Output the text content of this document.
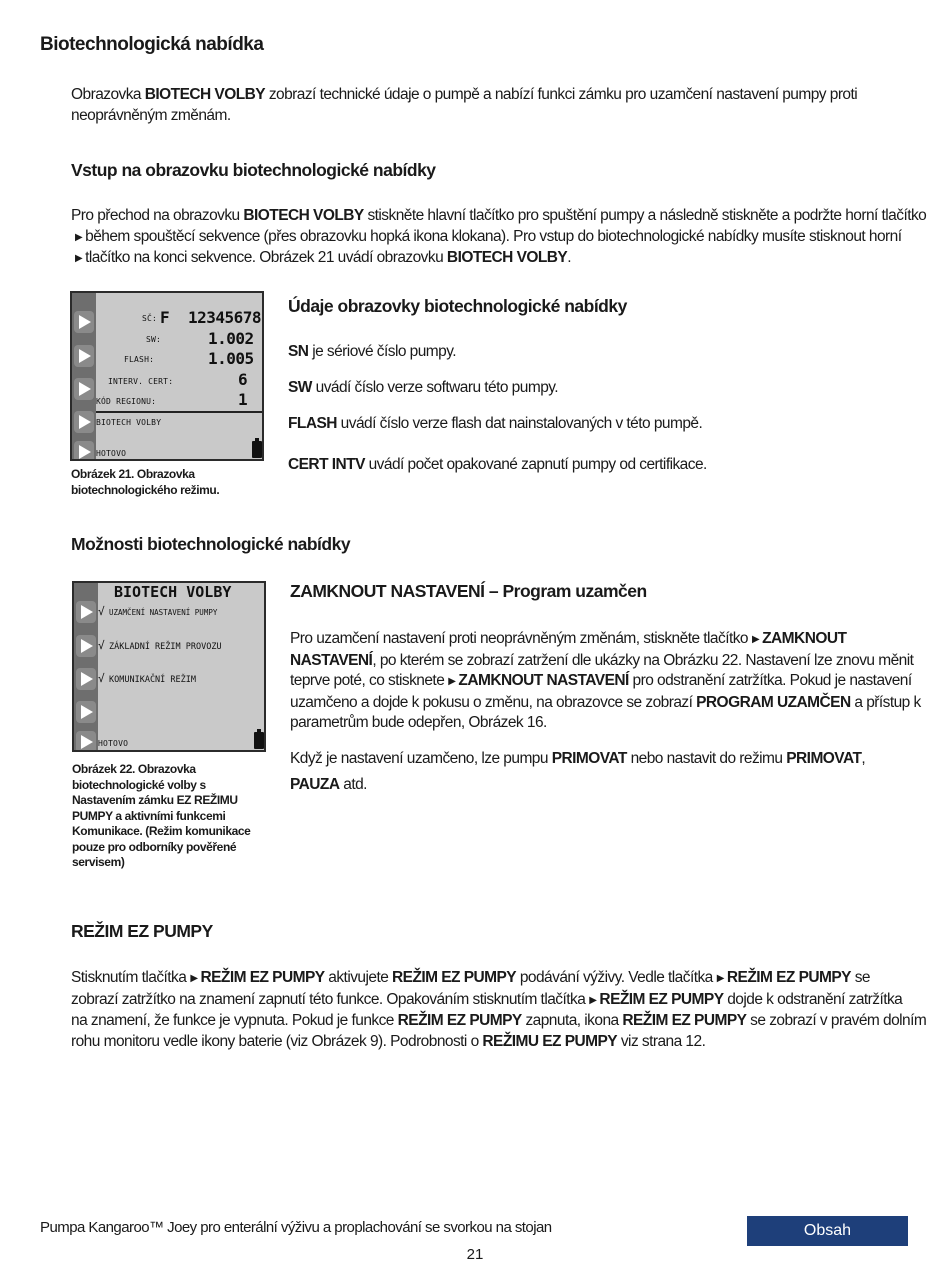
Biotechnologická nabídka
Obrazovka BIOTECH VOLBY zobrazí technické údaje o pumpě a nabízí funkci zámku pro uzamčení nastavení pumpy proti neoprávněným změnám.
Vstup na obrazovku biotechnologické nabídky
Pro přechod na obrazovku BIOTECH VOLBY stiskněte hlavní tlačítko pro spuštění pumpy a následně stiskněte a podržte horní tlačítko
▶ během spouštěcí sekvence (přes obrazovku hopká ikona klokana). Pro vstup do biotechnologické nabídky musíte stisknout horní
▶ tlačítko na konci sekvence. Obrázek 21 uvádí obrazovku BIOTECH VOLBY.
SČ: F 12345678
SW:	1.002
FLASH:	1.005
INTERV. CERT:	6
KÓD REGIONU:	1
BIOTECH VOLBY
HOTOVO
Obrázek 21. Obrazovka
biotechnologického režimu.
Údaje obrazovky biotechnologické nabídky
SN je sériové číslo pumpy.
SW uvádí číslo verze softwaru této pumpy.
FLASH uvádí číslo verze flash dat nainstalovaných v této pumpě.
CERT INTV uvádí počet opakované zapnutí pumpy od certifikace.
Možnosti biotechnologické nabídky
BIOTECH VOLBY
√ UZAMČENÍ NASTAVENÍ PUMPY
√ ZÁKLADNÍ REŽIM PROVOZU
√ KOMUNIKAČNÍ REŽIM
HOTOVO
Obrázek 22. Obrazovka
biotechnologické volby s
Nastavením zámku EZ REŽIMU
PUMPY a aktivními funkcemi
Komunikace. (Režim komunikace
pouze pro odborníky pověřené
servisem)
ZAMKNOUT NASTAVENÍ – Program uzamčen
Pro uzamčení nastavení proti neoprávněným změnám, stiskněte tlačítko ▶ ZAMKNOUT
NASTAVENÍ, po kterém se zobrazí zatržení dle ukázky na Obrázku 22. Nastavení lze znovu měnit
teprve poté, co stisknete ▶ ZAMKNOUT NASTAVENÍ pro odstranění zatržítka. Pokud je nastavení
uzamčeno a dojde k pokusu o změnu, na obrazovce se zobrazí PROGRAM UZAMČEN a přístup k
parametrům bude odepřen, Obrázek 16.
Když je nastavení uzamčeno, lze pumpu PRIMOVAT nebo nastavit do režimu PRIMOVAT,
PAUZA atd.
REŽIM EZ PUMPY
Stisknutím tlačítka ▶ REŽIM EZ PUMPY aktivujete REŽIM EZ PUMPY podávání výživy. Vedle tlačítka ▶ REŽIM EZ PUMPY se
zobrazí zatržítko na znamení zapnutí této funkce. Opakováním stisknutím tlačítka ▶ REŽIM EZ PUMPY dojde k odstranění zatržítka
na znamení, že funkce je vypnuta. Pokud je funkce REŽIM EZ PUMPY zapnuta, ikona REŽIM EZ PUMPY se zobrazí v pravém dolním
rohu monitoru vedle ikony baterie (viz Obrázek 9). Podrobnosti o REŽIMU EZ PUMPY viz strana 12.
Pumpa Kangaroo™ Joey pro enterální výživu a proplachování se svorkou na stojan	Obsah
21
